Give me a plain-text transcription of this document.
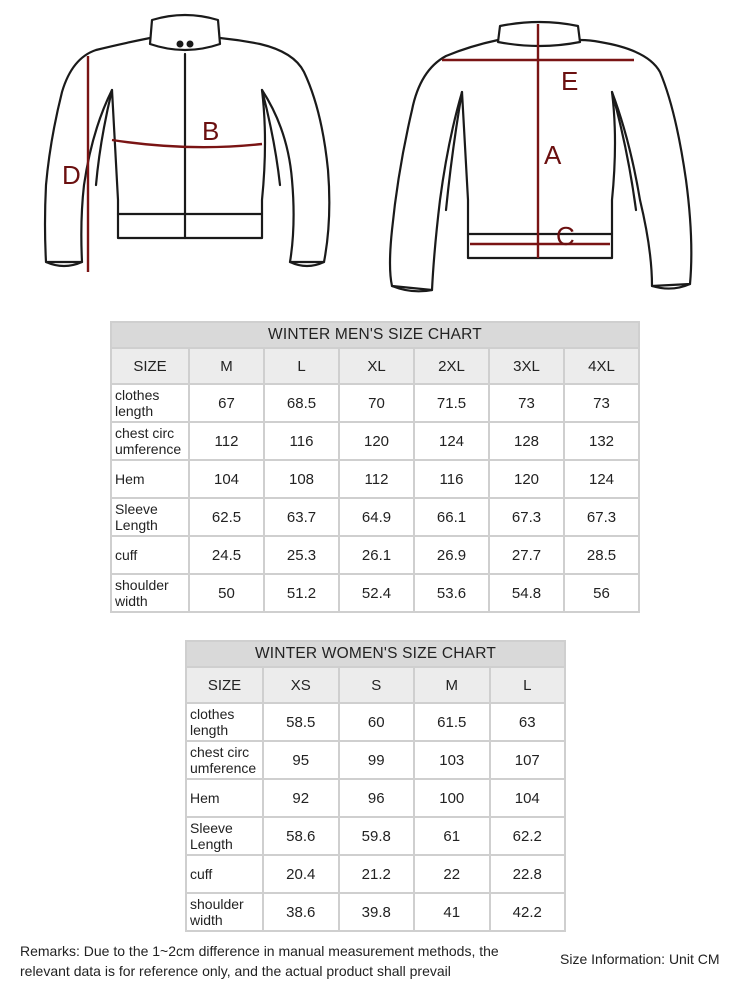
B
D
E
A
C
WINTER MEN'S SIZE CHART						
SIZE	M	L	XL	2XL	3XL	4XL
clothes
length	67	68.5	70	71.5	73	73
chest circ
umference	112	116	120	124	128	132
Hem	104	108	112	116	120	124
Sleeve
Length	62.5	63.7	64.9	66.1	67.3	67.3
cuff	24.5	25.3	26.1	26.9	27.7	28.5
shoulder
width	50	51.2	52.4	53.6	54.8	56
WINTER WOMEN'S SIZE CHART				
SIZE	XS	S	M	L
clothes
length	58.5	60	61.5	63
chest circ
umference	95	99	103	107
Hem	92	96	100	104
Sleeve
Length	58.6	59.8	61	62.2
cuff	20.4	21.2	22	22.8
shoulder
width	38.6	39.8	41	42.2
Remarks: Due to the 1~2cm difference in manual measurement methods, the
relevant data is for reference only, and the actual product shall prevail
Size Information: Unit CM
